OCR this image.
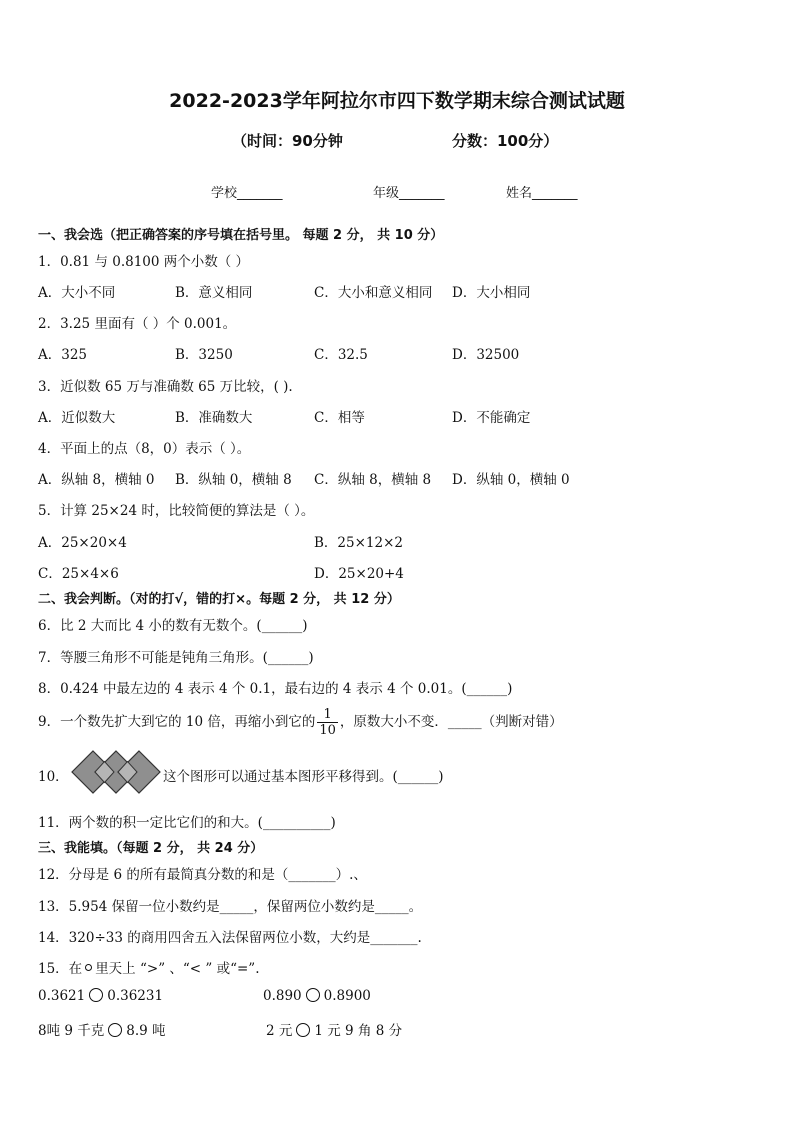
2022-2023学年阿拉尔市四下数学期末综合测试试题
（时间：90分钟	分数：100分）
学校_______	年级_______	姓名_______
一、我会选（把正确答案的序号填在括号里。 每题 2 分， 共 10 分）
1．0.81 与 0.8100 两个小数（ ）
A．大小不同	B．意义相同	C．大小和意义相同 D．大小相同
2．3.25 里面有（ ）个 0.001。
A．325	B．3250	C．32.5	D．32500
3．近似数 65 万与准确数 65 万比较，( ).
A．近似数大	B．准确数大	C．相等	D．不能确定
4．平面上的点（8，0）表示（ ）。
A．纵轴 8，横轴 0 B．纵轴 0，横轴 8 C．纵轴 8，横轴 8 D．纵轴 0，横轴 0
5．计算 25×24 时，比较简便的算法是（ ）。
A．25×20×4	B．25×12×2
C．25×4×6	D．25×20+4
二、我会判断。（对的打√，错的打×。每题 2 分， 共 12 分）
6．比 2 大而比 4 小的数有无数个。(______)
7．等腰三角形不可能是钝角三角形。(______)
8．0.424 中最左边的 4 表示 4 个 0.1，最右边的 4 表示 4 个 0.01。(______)
9．一个数先扩大到它的 10 倍，再缩小到它的 $\frac{1}{10}$ ，原数大小不变．_____（判断对错）
10．	这个图形可以通过基本图形平移得到。(______)
11．两个数的积一定比它们的和大。(__________)
三、我能填。（每题 2 分， 共 24 分）
12．分母是 6 的所有最简真分数的和是（_______）.、
13．5.954 保留一位小数约是_____，保留两位小数约是_____。
14．320÷33 的商用四舍五入法保留两位小数，大约是_______.
15．在 里天上 “>” 、“< ” 或“=”.
0.3621 0.36231	0.890 0.8900
8吨 9 千克 8.9 吨	2 元 1 元 9 角 8 分
